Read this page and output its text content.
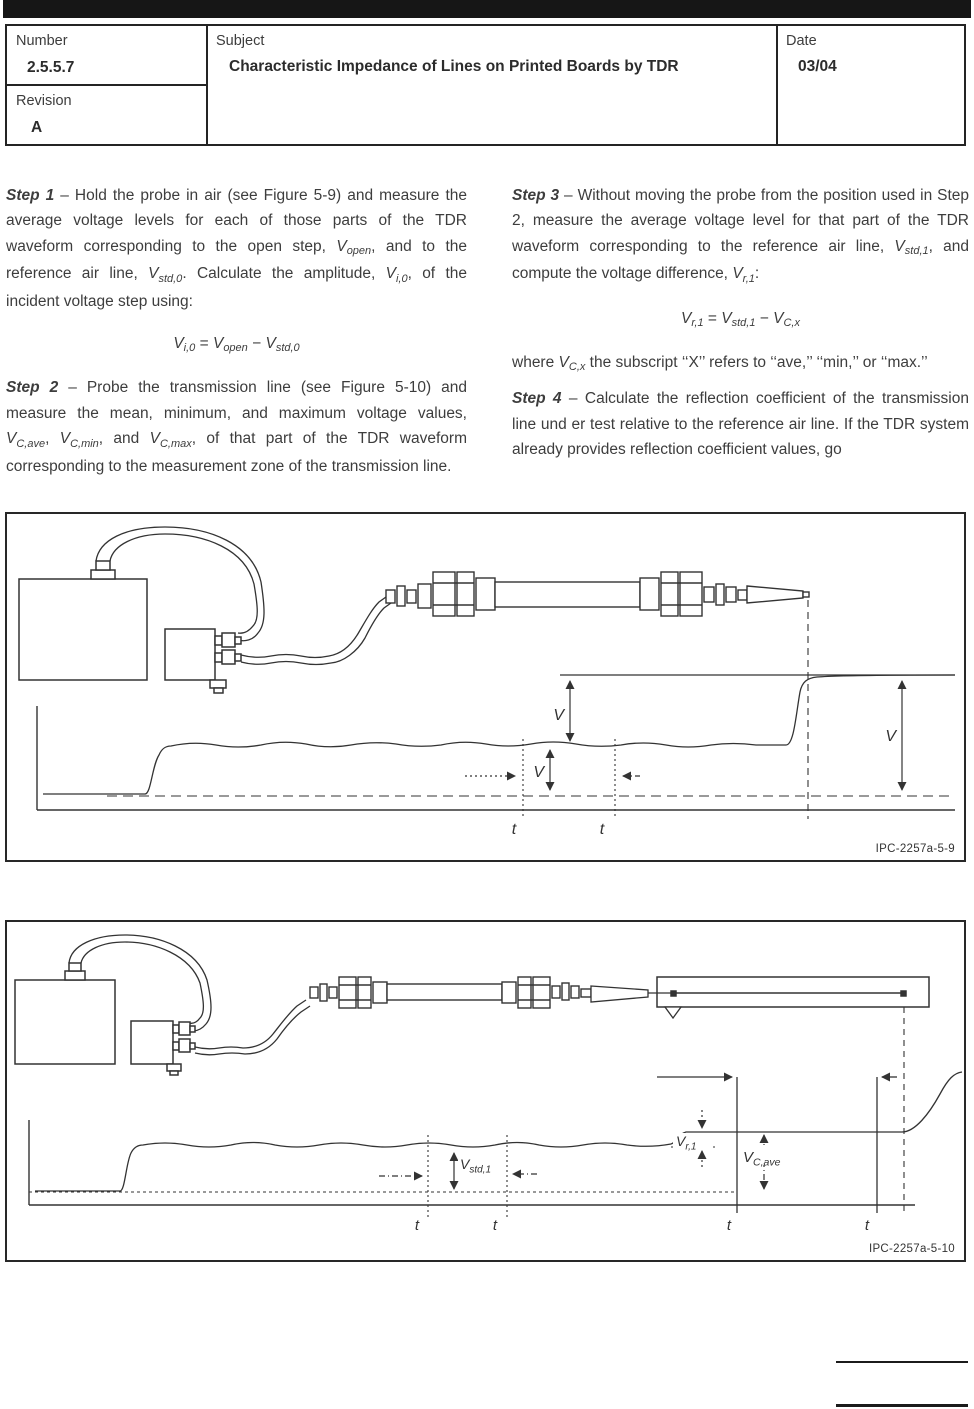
Number
2.5.5.7
Revision
A
Subject
Characteristic Impedance of Lines on Printed Boards by TDR
Date
03/04

Step 1 – Hold the probe in air (see Figure 5-9) and measure the average voltage levels for each of those parts of the TDR waveform corresponding to the open step, $V_{open}$, and to the reference air line, $V_{std,0}$. Calculate the amplitude, $V_{i,0}$, of the incident voltage step using:

$V_{i,0} = V_{open} - V_{std,0}$

Step 2 – Probe the transmission line (see Figure 5-10) and measure the mean, minimum, and maximum voltage values, $V_{C,ave}$, $V_{C,min}$, and $V_{C,max}$, of that part of the TDR waveform corresponding to the measurement zone of the transmission line.

Step 3 – Without moving the probe from the position used in Step 2, measure the average voltage level for that part of the TDR waveform corresponding to the reference air line, $V_{std,1}$, and compute the voltage difference, $V_{r,1}$:

$V_{r,1} = V_{std,1} - V_{C,x}$

where $V_{C,x}$ the subscript ‘‘X’’ refers to ‘‘ave,’’ ‘‘min,’’ or ‘‘max.’’

Step 4 – Calculate the reflection coefficient of the transmission line und er test relative to the reference air line. If the TDR system already provides reflection coefficient values, go

V
V
V
t	t
IPC-2257a-5-9
$V_{r,1}$
$V_{C,ave}$
$V_{std,1}$
t	t	t	t
IPC-2257a-5-10
